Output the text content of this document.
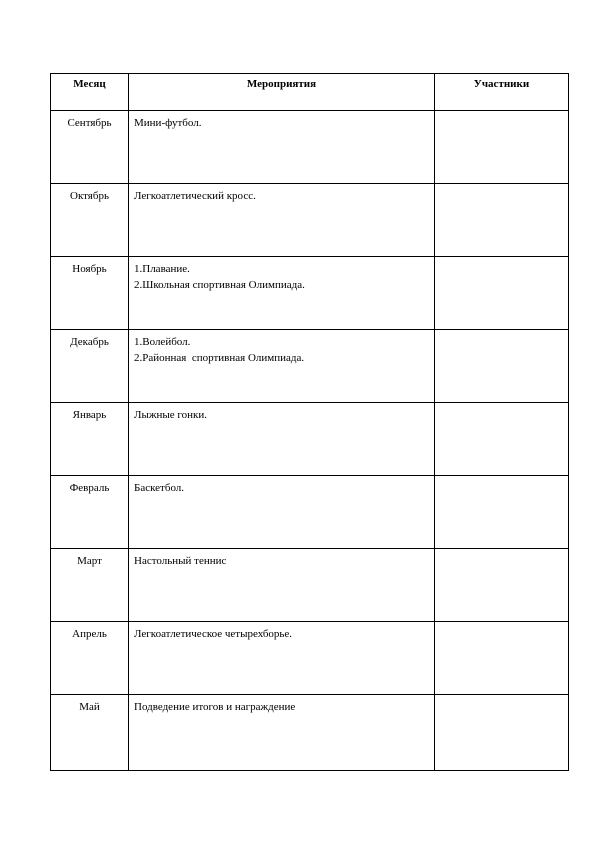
Месяц	Мероприятия	Участники
Сентябрь	Мини-футбол.	

Октябрь	Легкоатлетический кросс.	

Ноябрь	1.Плавание.
2.Школьная спортивная Олимпиада.	

Декабрь	1.Волейбол.
2.Районная  спортивная Олимпиада.	

Январь	Лыжные гонки.	

Февраль	Баскетбол.	

Март	Настольный теннис	

Апрель	Легкоатлетическое четырехборье.	

Май	Подведение итогов и награждение	
